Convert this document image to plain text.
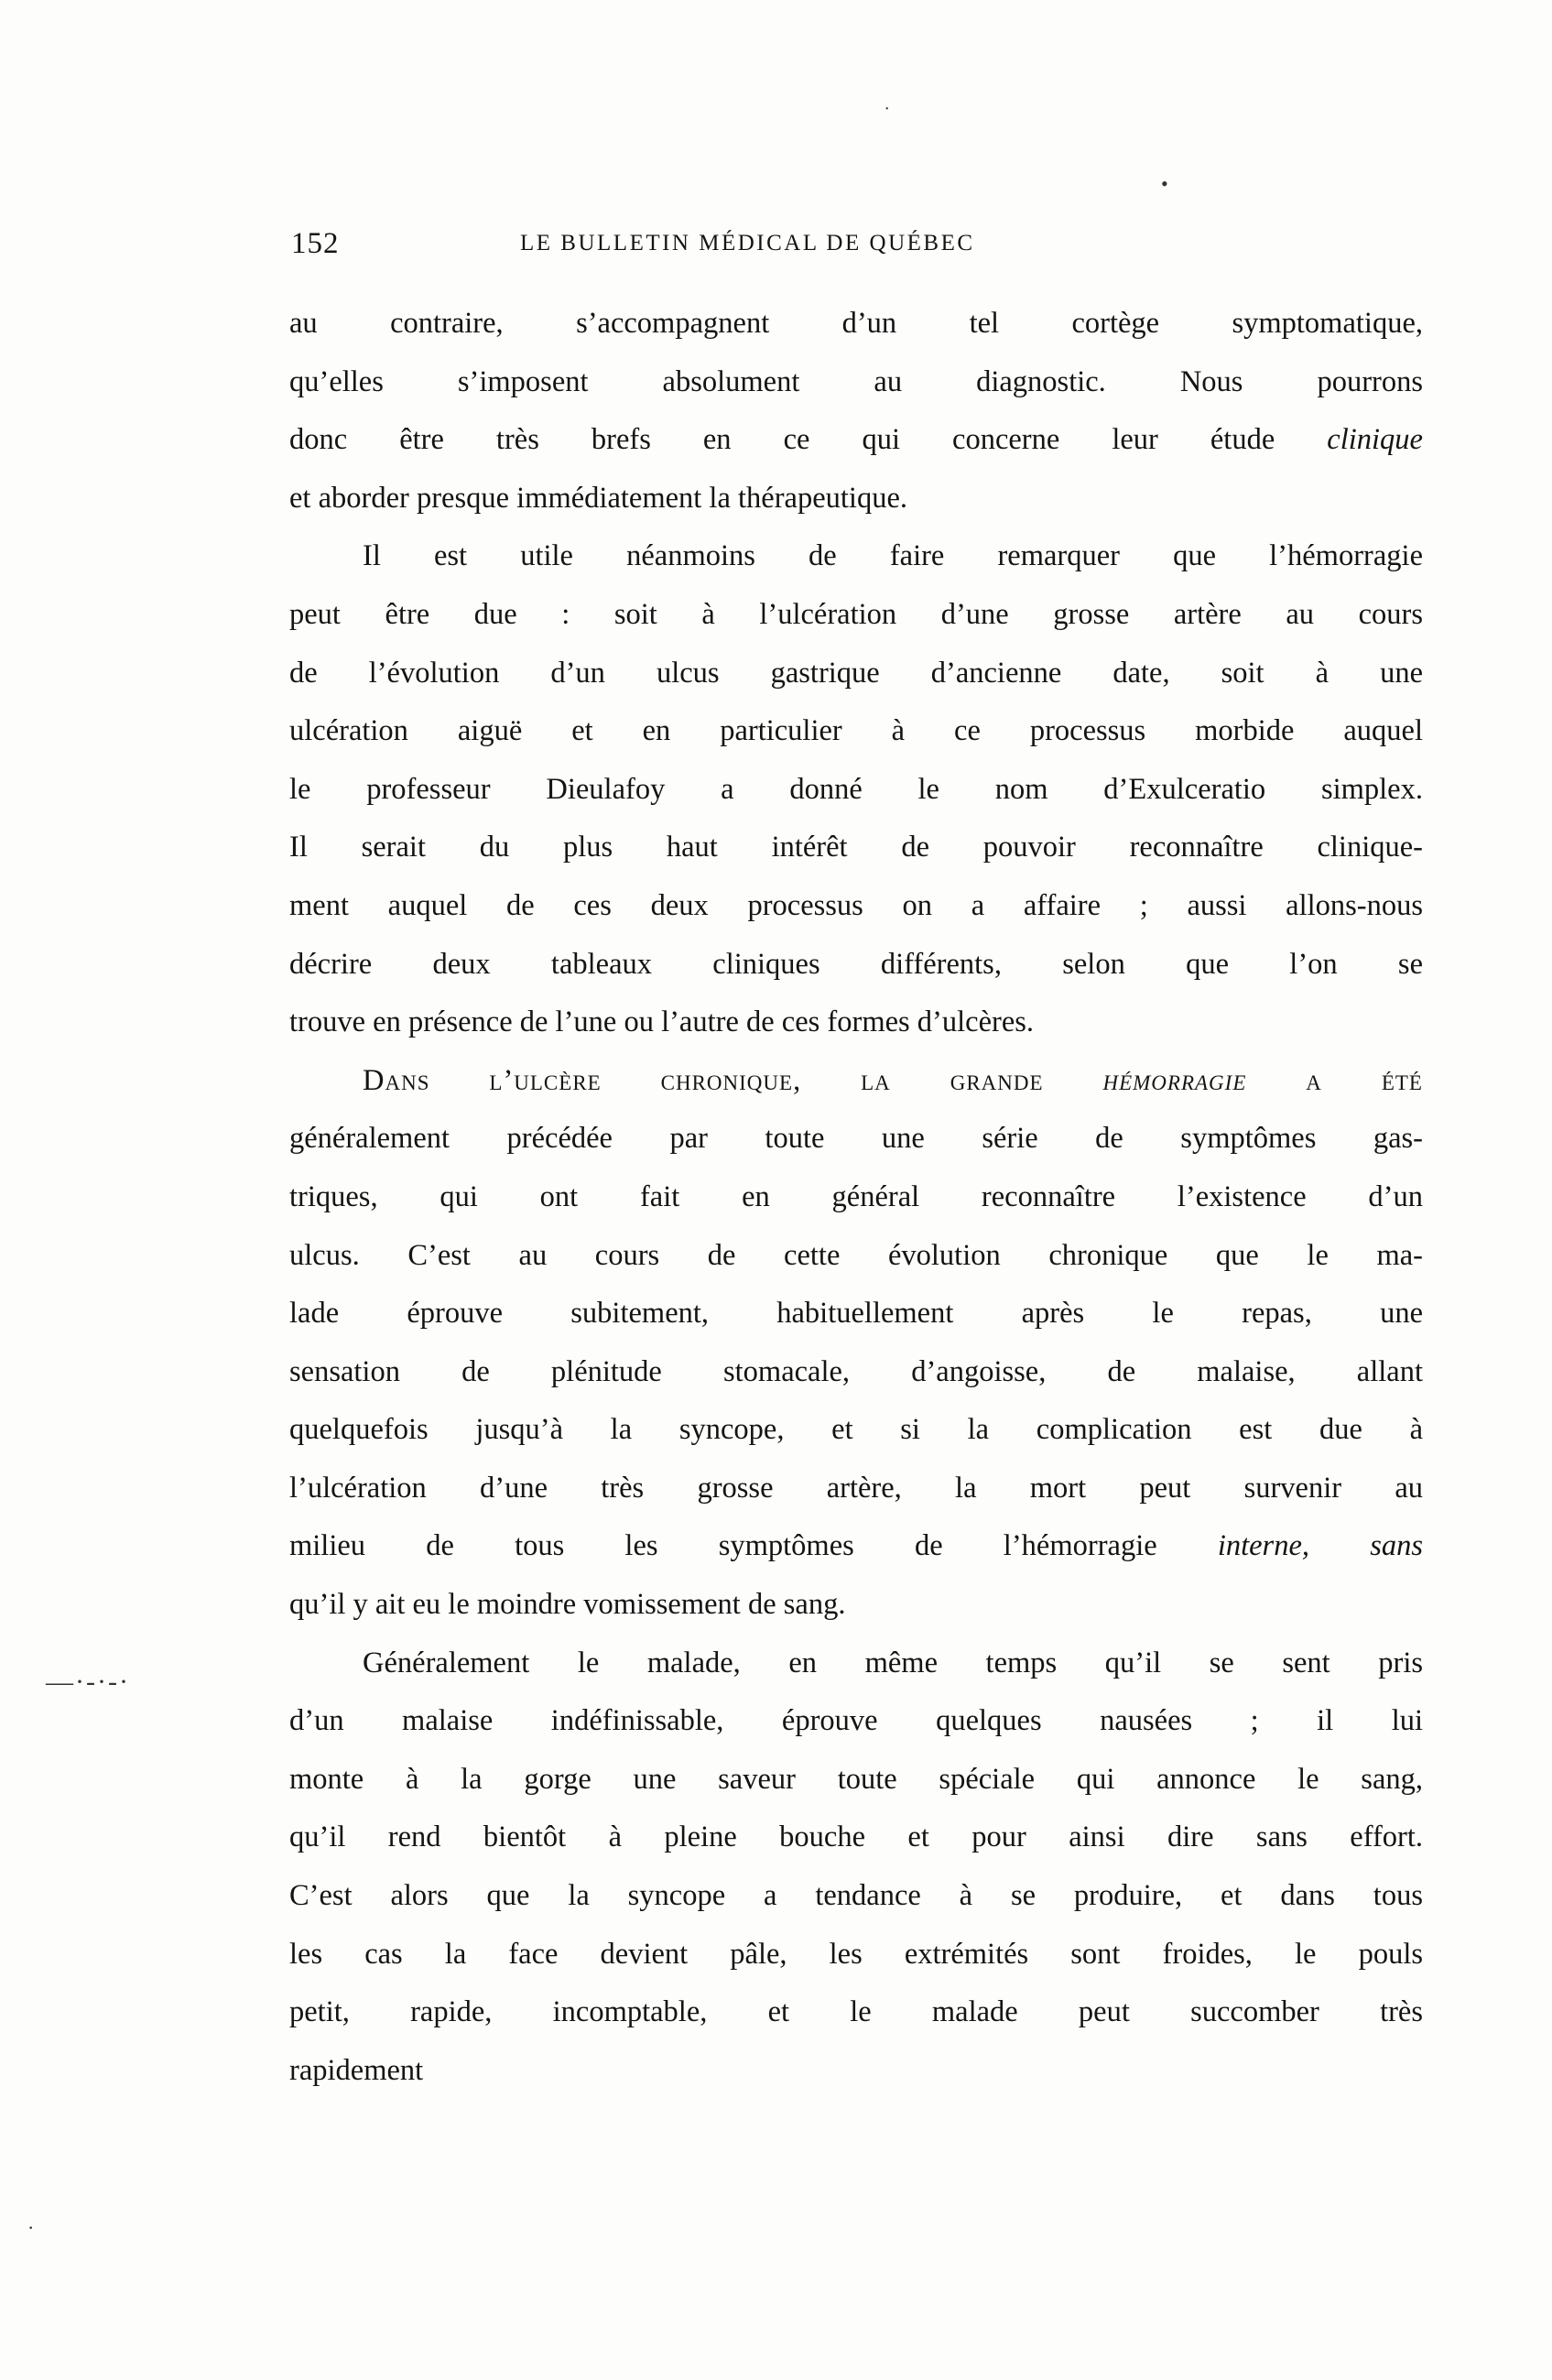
152	LE BULLETIN MÉDICAL DE QUÉBEC
au contraire, s’accompagnent d’un tel cortège symptomatique,
qu’elles s’imposent absolument au diagnostic. Nous pourrons
donc être très brefs en ce qui concerne leur étude clinique
et aborder presque immédiatement la thérapeutique.
Il est utile néanmoins de faire remarquer que l’hémorragie
peut être due : soit à l’ulcération d’une grosse artère au cours
de l’évolution d’un ulcus gastrique d’ancienne date, soit à une
ulcération aiguë et en particulier à ce processus morbide auquel
le professeur Dieulafoy a donné le nom d’Exulceratio simplex.
Il serait du plus haut intérêt de pouvoir reconnaître clinique-
ment auquel de ces deux processus on a affaire ; aussi allons-nous
décrire deux tableaux cliniques différents, selon que l’on se
trouve en présence de l’une ou l’autre de ces formes d’ulcères.
Dans l’ulcère chronique, la grande hémorragie a été
généralement précédée par toute une série de symptômes gas-
triques, qui ont fait en général reconnaître l’existence d’un
ulcus. C’est au cours de cette évolution chronique que le ma-
lade éprouve subitement, habituellement après le repas, une
sensation de plénitude stomacale, d’angoisse, de malaise, allant
quelquefois jusqu’à la syncope, et si la complication est due à
l’ulcération d’une très grosse artère, la mort peut survenir au
milieu de tous les symptômes de l’hémorragie interne, sans
qu’il y ait eu le moindre vomissement de sang.
Généralement le malade, en même temps qu’il se sent pris
d’un malaise indéfinissable, éprouve quelques nausées ; il lui
monte à la gorge une saveur toute spéciale qui annonce le sang,
qu’il rend bientôt à pleine bouche et pour ainsi dire sans effort.
C’est alors que la syncope a tendance à se produire, et dans tous
les cas la face devient pâle, les extrémités sont froides, le pouls
petit, rapide, incomptable, et le malade peut succomber très
rapidement
˙
•
—·-·-·
·
